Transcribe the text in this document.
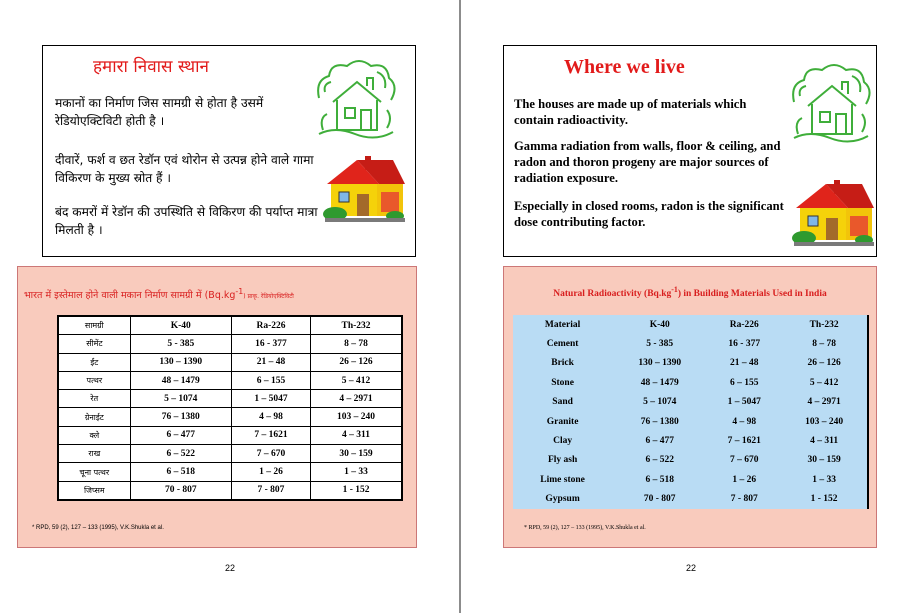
हमारा निवास स्थान
मकानों का निर्माण जिस सामग्री से होता है उसमें रेडियोएक्टिविटी होती है ।
दीवारें, फर्श व छत रेडॉन एवं थोरोन से उत्पन्न होने वाले गामा विकिरण के मुख्य स्रोत हैं ।
बंद कमरों में रेडॉन की उपस्थिति से विकिरण की पर्याप्त मात्रा मिलती है ।
भारत में इस्तेमाल होने वाली मकान निर्माण सामग्री में $(Bq.kg^{-1})$ प्राकृ. रेडियोएक्टिविटी
सामग्री	K-40	Ra-226	Th-232
सीमेंट	5 - 385	16 - 377	8 – 78
ईंट	130 – 1390	21 – 48	26 – 126
पत्थर	48 – 1479	6 – 155	5 – 412
रेत	5 – 1074	1 – 5047	4 – 2971
ग्रेनाईट	76 – 1380	4 – 98	103 – 240
क्ले	6 – 477	7 – 1621	4 – 311
राख	6 – 522	7 – 670	30 – 159
चूना पत्थर	6 – 518	1 – 26	1 – 33
जिप्सम	70 - 807	7 - 807	1 - 152
* RPD, 59 (2), 127 – 133 (1995), V.K.Shukla et al.
22
Where we live
The houses are made up of materials which contain radioactivity.
Gamma radiation from walls, floor & ceiling, and radon and thoron progeny are major sources of radiation exposure.
Especially in closed rooms, radon is the significant dose contributing factor.
Natural Radioactivity $(Bq.kg^{-1})$ in Building Materials Used in India
Material	K-40	Ra-226	Th-232
Cement	5 - 385	16 - 377	8 – 78
Brick	130 – 1390	21 – 48	26 – 126
Stone	48 – 1479	6 – 155	5 – 412
Sand	5 – 1074	1 – 5047	4 – 2971
Granite	76 – 1380	4 – 98	103 – 240
Clay	6 – 477	7 – 1621	4 – 311
Fly ash	6 – 522	7 – 670	30 – 159
Lime stone	6 – 518	1 – 26	1 – 33
Gypsum	70 - 807	7 - 807	1 - 152
* RPD, 59 (2), 127 – 133 (1995), V.K.Shukla et al.
22
